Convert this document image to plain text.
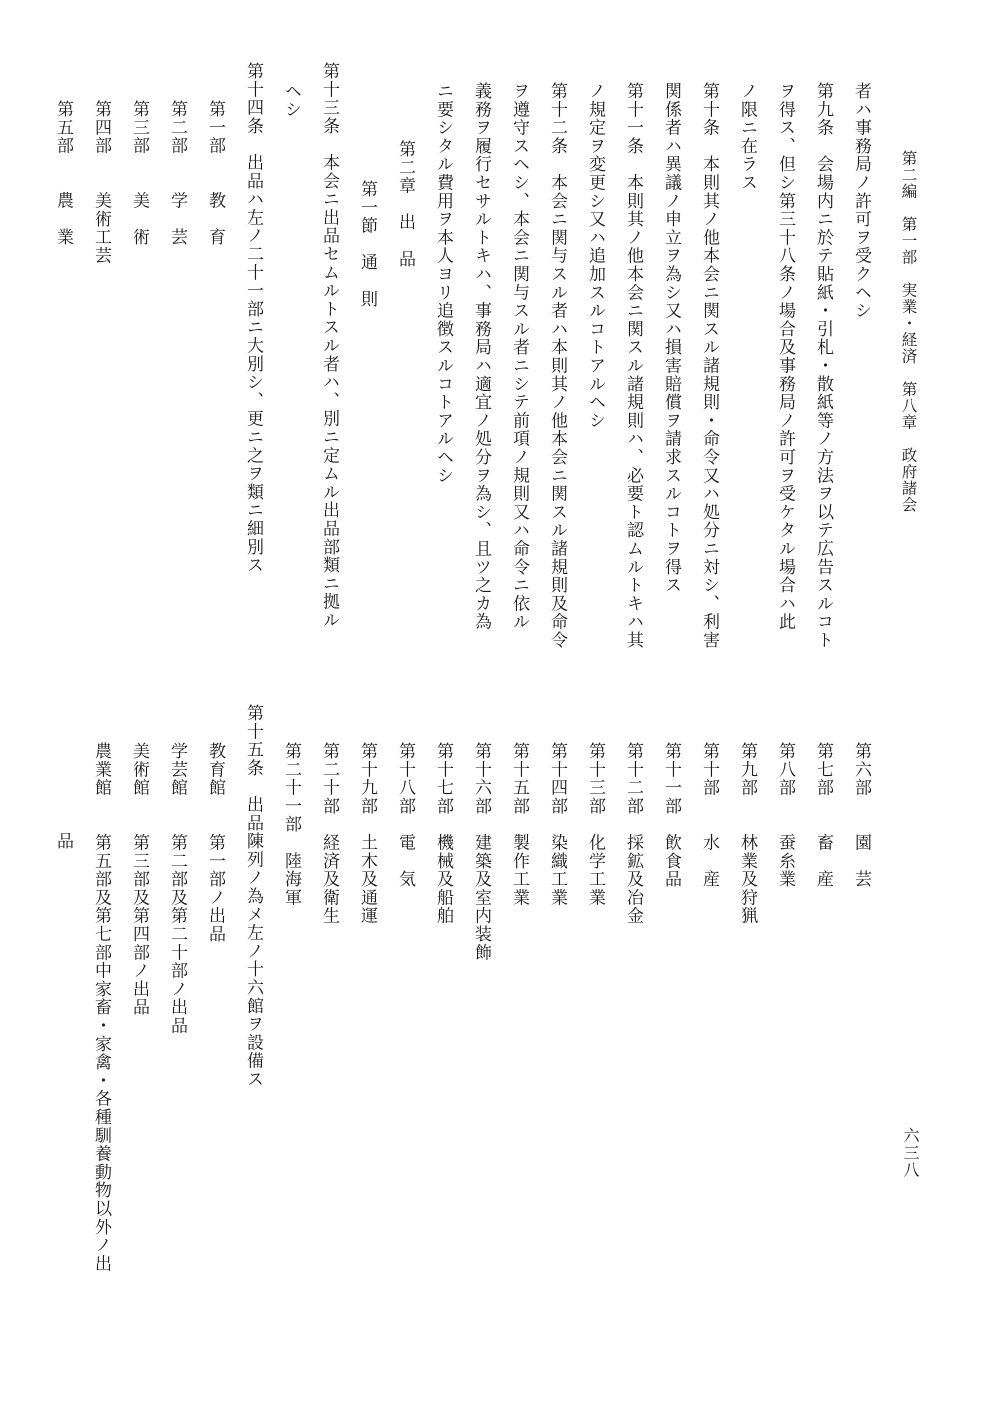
第二編　第一部　実業・経済　第八章　政府諸会
六三八
者ハ事務局ノ許可ヲ受クヘシ
第九条　会場内ニ於テ貼紙・引札・散紙等ノ方法ヲ以テ広告スルコト
ヲ得ス、但シ第三十八条ノ場合及事務局ノ許可ヲ受ケタル場合ハ此
ノ限ニ在ラス
第十条　本則其ノ他本会ニ関スル諸規則・命令又ハ処分ニ対シ、利害
関係者ハ異議ノ申立ヲ為シ又ハ損害賠償ヲ請求スルコトヲ得ス
第十一条　本則其ノ他本会ニ関スル諸規則ハ、必要ト認ムルトキハ其
ノ規定ヲ変更シ又ハ追加スルコトアルヘシ
第十二条　本会ニ関与スル者ハ本則其ノ他本会ニ関スル諸規則及命令
ヲ遵守スヘシ、本会ニ関与スル者ニシテ前項ノ規則又ハ命令ニ依ル
義務ヲ履行セサルトキハ、事務局ハ適宜ノ処分ヲ為シ、且ツ之カ為
ニ要シタル費用ヲ本人ヨリ追徴スルコトアルヘシ
第二章　出　品
第一節　通　則
第十三条　本会ニ出品セムルトスル者ハ、別ニ定ムル出品部類ニ拠ル
ヘシ
第十四条　出品ハ左ノ二十一部ニ大別シ、更ニ之ヲ類ニ細別ス
第一部　　教　育
第二部　　学　芸
第三部　　美　術
第四部　　美術工芸
第五部　　農　業
第六部　　園　芸
第七部　　畜　産
第八部　　蚕糸業
第九部　　林業及狩猟
第十部　　水　産
第十一部　飲食品
第十二部　採鉱及冶金
第十三部　化学工業
第十四部　染織工業
第十五部　製作工業
第十六部　建築及室内装飾
第十七部　機械及船舶
第十八部　電　気
第十九部　土木及通運
第二十部　経済及衛生
第二十一部　陸海軍
第十五条　出品陳列ノ為メ左ノ十六館ヲ設備ス
教育館　　第一部ノ出品
学芸館　　第二部及第二十部ノ出品
美術館　　第三部及第四部ノ出品
農業館　　第五部及第七部中家畜・家禽・各種馴養動物以外ノ出
品
